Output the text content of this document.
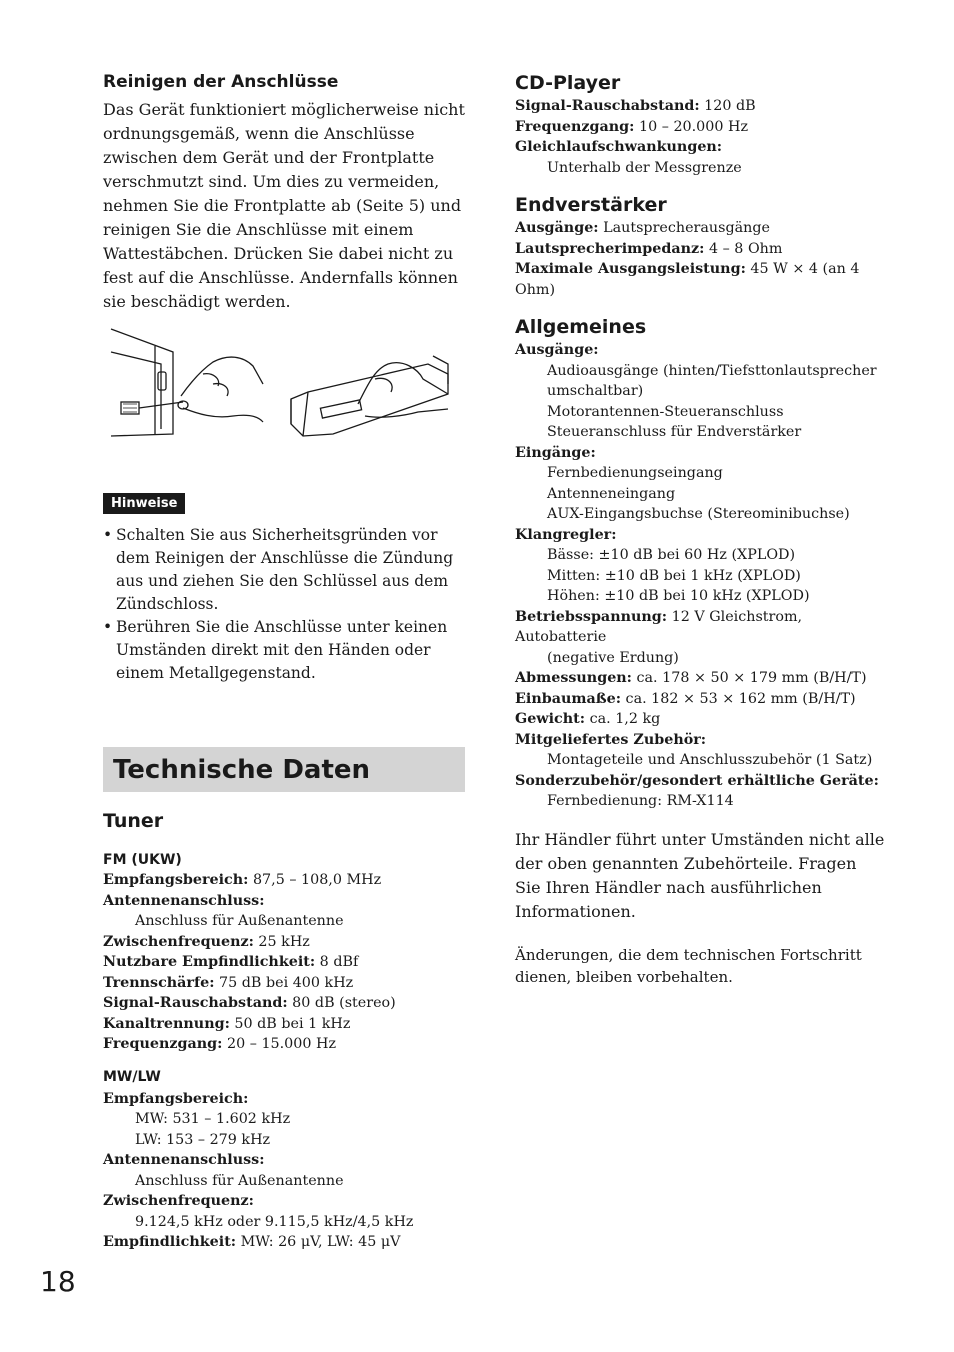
Reinigen der Anschlüsse

Das Gerät funktioniert möglicherweise nicht ordnungsgemäß, wenn die Anschlüsse zwischen dem Gerät und der Frontplatte verschmutzt sind. Um dies zu vermeiden, nehmen Sie die Frontplatte ab (Seite 5) und reinigen Sie die Anschlüsse mit einem Wattestäbchen. Drücken Sie dabei nicht zu fest auf die Anschlüsse. Andernfalls können sie beschädigt werden.

Hinweise
• Schalten Sie aus Sicherheitsgründen vor dem Reinigen der Anschlüsse die Zündung aus und ziehen Sie den Schlüssel aus dem Zündschloss.
• Berühren Sie die Anschlüsse unter keinen Umständen direkt mit den Händen oder einem Metallgegenstand.
Technische Daten
Tuner
FM (UKW)
Empfangsbereich: 87,5 – 108,0 MHz
Antennenanschluss:
Anschluss für Außenantenne
Zwischenfrequenz: 25 kHz
Nutzbare Empfindlichkeit: 8 dBf
Trennschärfe: 75 dB bei 400 kHz
Signal-Rauschabstand: 80 dB (stereo)
Kanaltrennung: 50 dB bei 1 kHz
Frequenzgang: 20 – 15.000 Hz
MW/LW
Empfangsbereich:
MW: 531 – 1.602 kHz
LW: 153 – 279 kHz
Antennenanschluss:
Anschluss für Außenantenne
Zwischenfrequenz:
9.124,5 kHz oder 9.115,5 kHz/4,5 kHz
Empfindlichkeit: MW: 26 μV, LW: 45 μV
CD-Player
Signal-Rauschabstand: 120 dB
Frequenzgang: 10 – 20.000 Hz
Gleichlaufschwankungen:
Unterhalb der Messgrenze
Endverstärker
Ausgänge: Lautsprecherausgänge
Lautsprecherimpedanz: 4 – 8 Ohm
Maximale Ausgangsleistung: 45 W × 4 (an 4 Ohm)
Allgemeines
Ausgänge:
Audioausgänge (hinten/Tiefsttonlautsprecher umschaltbar)
Motorantennen-Steueranschluss
Steueranschluss für Endverstärker
Eingänge:
Fernbedienungseingang
Antenneneingang
AUX-Eingangsbuchse (Stereominibuchse)
Klangregler:
Bässe: ±10 dB bei 60 Hz (XPLOD)
Mitten: ±10 dB bei 1 kHz (XPLOD)
Höhen: ±10 dB bei 10 kHz (XPLOD)
Betriebsspannung: 12 V Gleichstrom, Autobatterie
(negative Erdung)
Abmessungen: ca. 178 × 50 × 179 mm (B/H/T)
Einbaumaße: ca. 182 × 53 × 162 mm (B/H/T)
Gewicht: ca. 1,2 kg
Mitgeliefertes Zubehör:
Montageteile und Anschlusszubehör (1 Satz)
Sonderzubehör/gesondert erhältliche Geräte:
Fernbedienung: RM-X114

Ihr Händler führt unter Umständen nicht alle der oben genannten Zubehörteile. Fragen Sie Ihren Händler nach ausführlichen Informationen.

Änderungen, die dem technischen Fortschritt dienen, bleiben vorbehalten.

18
